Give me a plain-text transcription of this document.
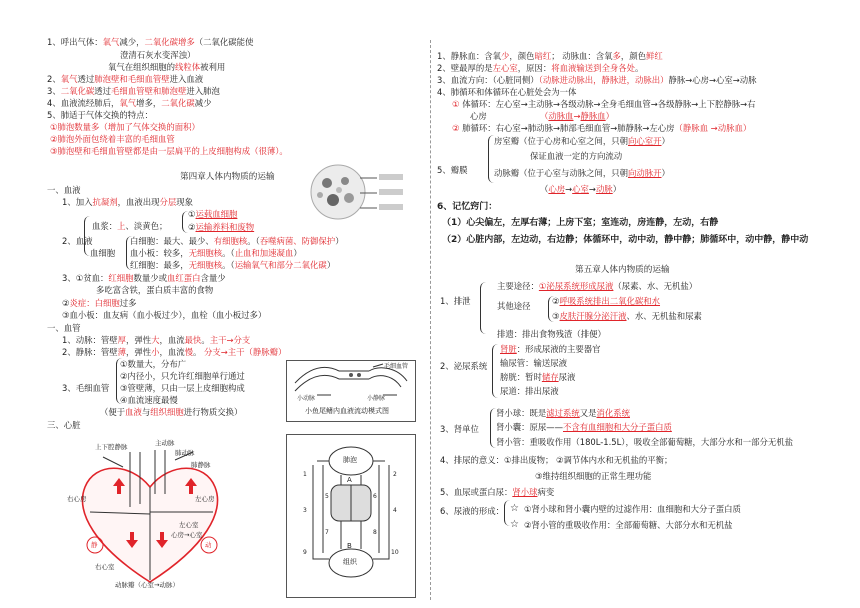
1、呼出气体：氧气减少，二氧化碳增多（二氧化碳能使
澄清石灰水变浑浊）
氧气在组织细胞的线粒体被利用
2、氧气透过肺泡壁和毛细血管壁进入血液
3、二氧化碳透过毛细血管壁和肺泡壁进入肺泡
4、血液流经肺后，氧气增多，二氧化碳减少
5、肺适于气体交换的特点：
①肺泡数量多（增加了气体交换的面积）
②肺泡外面包绕着丰富的毛细血管
③肺泡壁和毛细血管壁都是由一层扁平的上皮细胞构成（很薄）。
第四章人体内物质的运输
一、血液
1、加入抗凝剂，血液出现分层现象
血浆：上、淡黄色；
①运载血细胞
②运输养料和废物
2、血液
血细胞
白细胞：最大、最少、有细胞核。（吞噬病菌、防御保护）
血小板：较多，无细胞核。（止血和加速凝血）
红细胞：最多，无细胞核。（运输氧气和部分二氧化碳）
3、①贫血：红细胞数量少或血红蛋白含量少
多吃富含铁，蛋白质丰富的食物
②炎症：白细胞过多
③血小板：血友病（血小板过少），血栓（血小板过多）
一、血管
1、动脉：管壁厚，弹性大，血流最快。主干→分支
2、静脉：管壁薄，弹性小，血流慢。 分支→主干（静脉瓣）
3、毛细血管
①数量大，分布广
②内径小，只允许红细胞单行通过
③管壁薄，只由一层上皮细胞构成
④血流速度最慢
（便于血液与组织细胞进行物质交换）
毛细血管
小动脉	小静脉
小鱼尾鳍内血液流动模式图
三、心脏
上下腔静脉	主动脉
肺动脉
肺静脉
右心房	左心房
左心室
心房→心室
右心室
静	动
动脉瓣（心室→动脉）
肺泡
组织
A
B
1	2
3	4
5	6
7	8
9	10
1、静脉血：含氧少，颜色暗红； 动脉血：含氧多，颜色鲜红
2、壁最厚的是左心室，原因：将血液输送到全身各处。
3、血流方向：（心脏同侧）（动脉进动脉出，静脉进，动脉出）静脉→心房→心室→动脉
4、肺循环和体循环在心脏处会为一体
① 体循环：左心室→主动脉→各级动脉→全身毛细血管→各级静脉→上下腔静脉→右
心房	（动脉血→静脉血）
② 肺循环：右心室→肺动脉→肺部毛细血管→肺静脉→左心房（静脉血 →动脉血）
5、瓣膜
房室瓣（位于心房和心室之间，只朝向心室开）
保证血液一定的方向流动
动脉瓣（位于心室与动脉之间，只朝向动脉开）
（心房→心室→动脉）
6、记忆窍门：
（1）心尖偏左，左厚右薄；上房下室；室连动，房连静，左动，右静
（2）心脏内部，左边动，右边静；体循环中，动中动，静中静；肺循环中，动中静，静中动
第五章人体内物质的运输
1、排泄
主要途径：①泌尿系统形成尿液（尿素、水、无机盐）
其他途径	②呼吸系统排出二氧化碳和水
③皮肤汗腺分泌汗液、水、无机盐和尿素
排遗：排出食物残渣（排便）
2、泌尿系统
肾脏：形成尿液的主要器官
输尿管：输送尿液
膀胱：暂时储存尿液
尿道：排出尿液
3、肾单位
肾小球：既是滤过系统又是消化系统
肾小囊：原尿——不含有血细胞和大分子蛋白质
肾小管：重吸收作用（180L-1.5L），吸收全部葡萄糖，大部分水和一部分无机盐
4、排尿的意义：①排出废物； ②调节体内水和无机盐的平衡；
③维持组织细胞的正常生理功能
5、血尿或蛋白尿：肾小球病变
6、尿液的形成： ☆ ①肾小球和肾小囊内壁的过滤作用：血细胞和大分子蛋白质
☆ ②肾小管的重吸收作用：全部葡萄糖、大部分水和无机盐
